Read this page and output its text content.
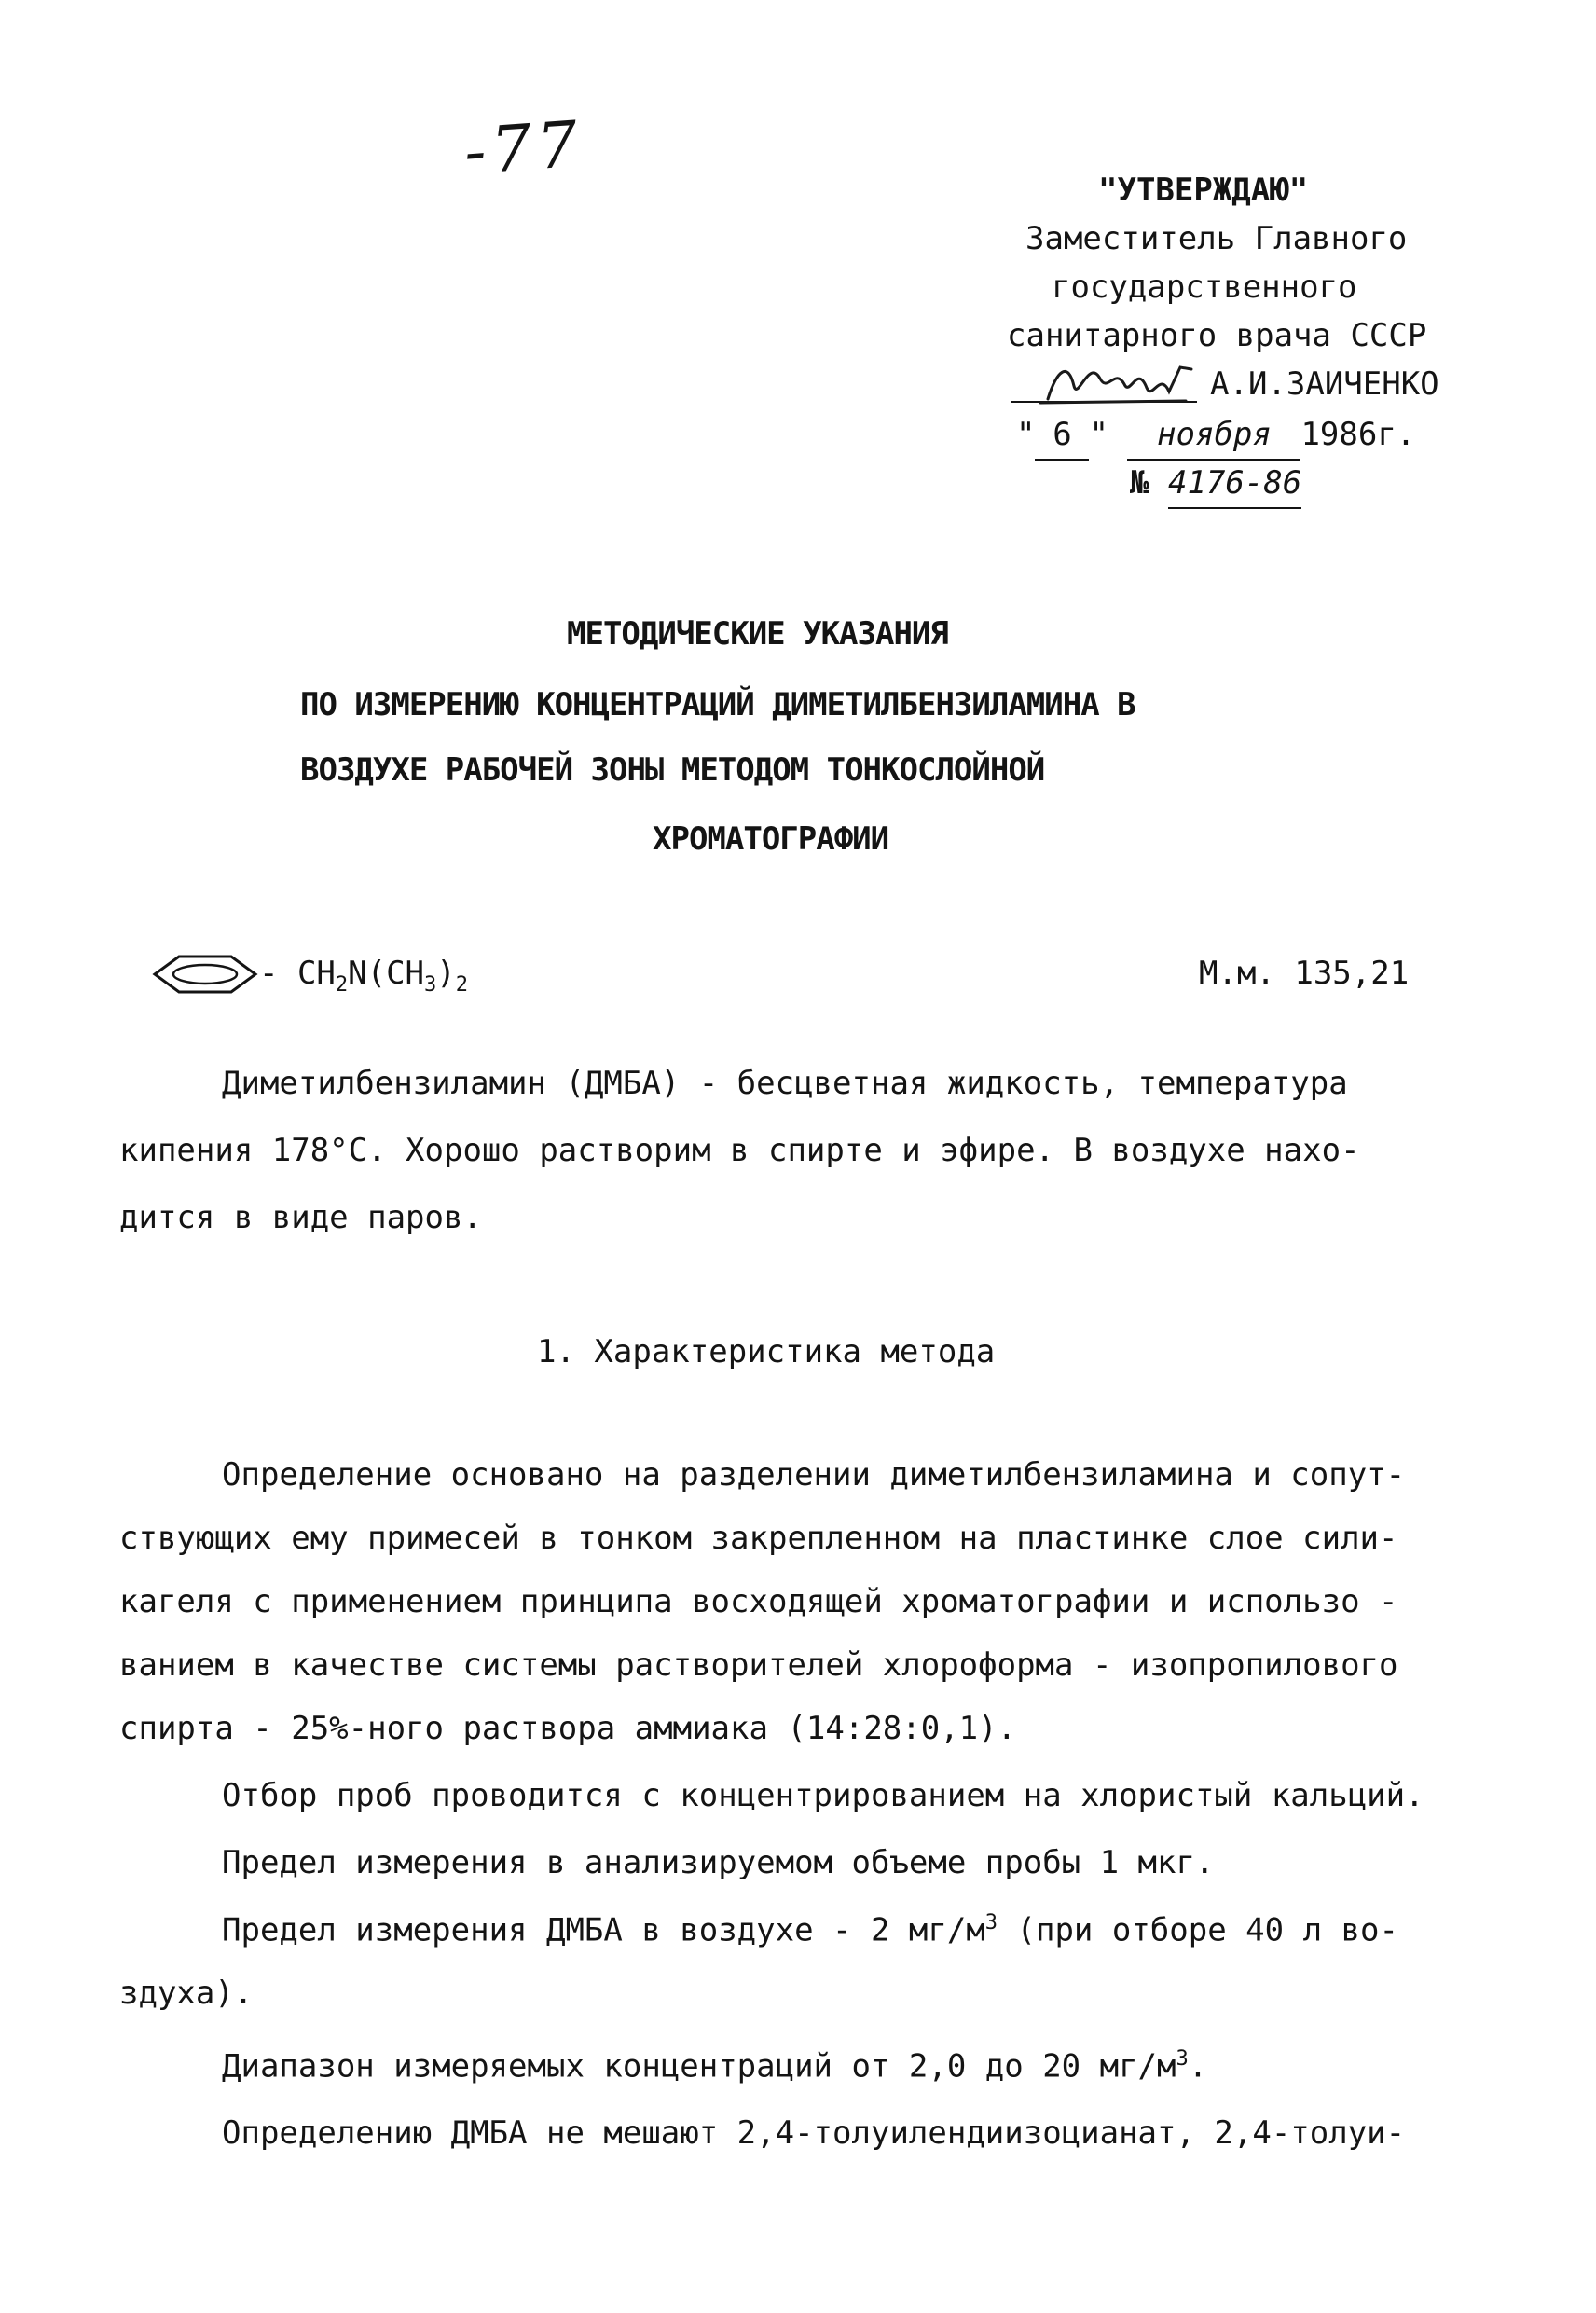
-77
"УТВЕРЖДАЮ"
Заместитель Главного
государственного
санитарного врача СССР
А.И.ЗАИЧЕНКО
" 6 " ноября 1986г.
№ 4176-86
МЕТОДИЧЕСКИЕ УКАЗАНИЯ
ПО ИЗМЕРЕНИЮ КОНЦЕНТРАЦИЙ ДИМЕТИЛБЕНЗИЛАМИНА В
ВОЗДУХЕ РАБОЧЕЙ ЗОНЫ МЕТОДОМ ТОНКОСЛОЙНОЙ
ХРОМАТОГРАФИИ
- $CH_2N(CH_3)_2$	М.м. 135,21
Диметилбензиламин (ДМБА) - бесцветная жидкость, температура
кипения 178°С. Хорошо растворим в спирте и эфире. В воздухе нахо-
дится в виде паров.
1. Характеристика метода
Определение основано на разделении диметилбензиламина и сопут-
ствующих ему примесей в тонком закрепленном на пластинке слое сили-
кагеля с применением принципа восходящей хроматографии и использо -
ванием в качестве системы растворителей хлороформа - изопропилового
спирта - 25%-ного раствора аммиака (14:28:0,1).
Отбор проб проводится с концентрированием на хлористый кальций.
Предел измерения в анализируемом объеме пробы 1 мкг.
Предел измерения ДМБА в воздухе - 2 $мг/м^3$ (при отборе 40 л во-
здуха).
Диапазон измеряемых концентраций от 2,0 до 20 $мг/м^3$.
Определению ДМБА не мешают 2,4-толуилендиизоцианат, 2,4-толуи-
